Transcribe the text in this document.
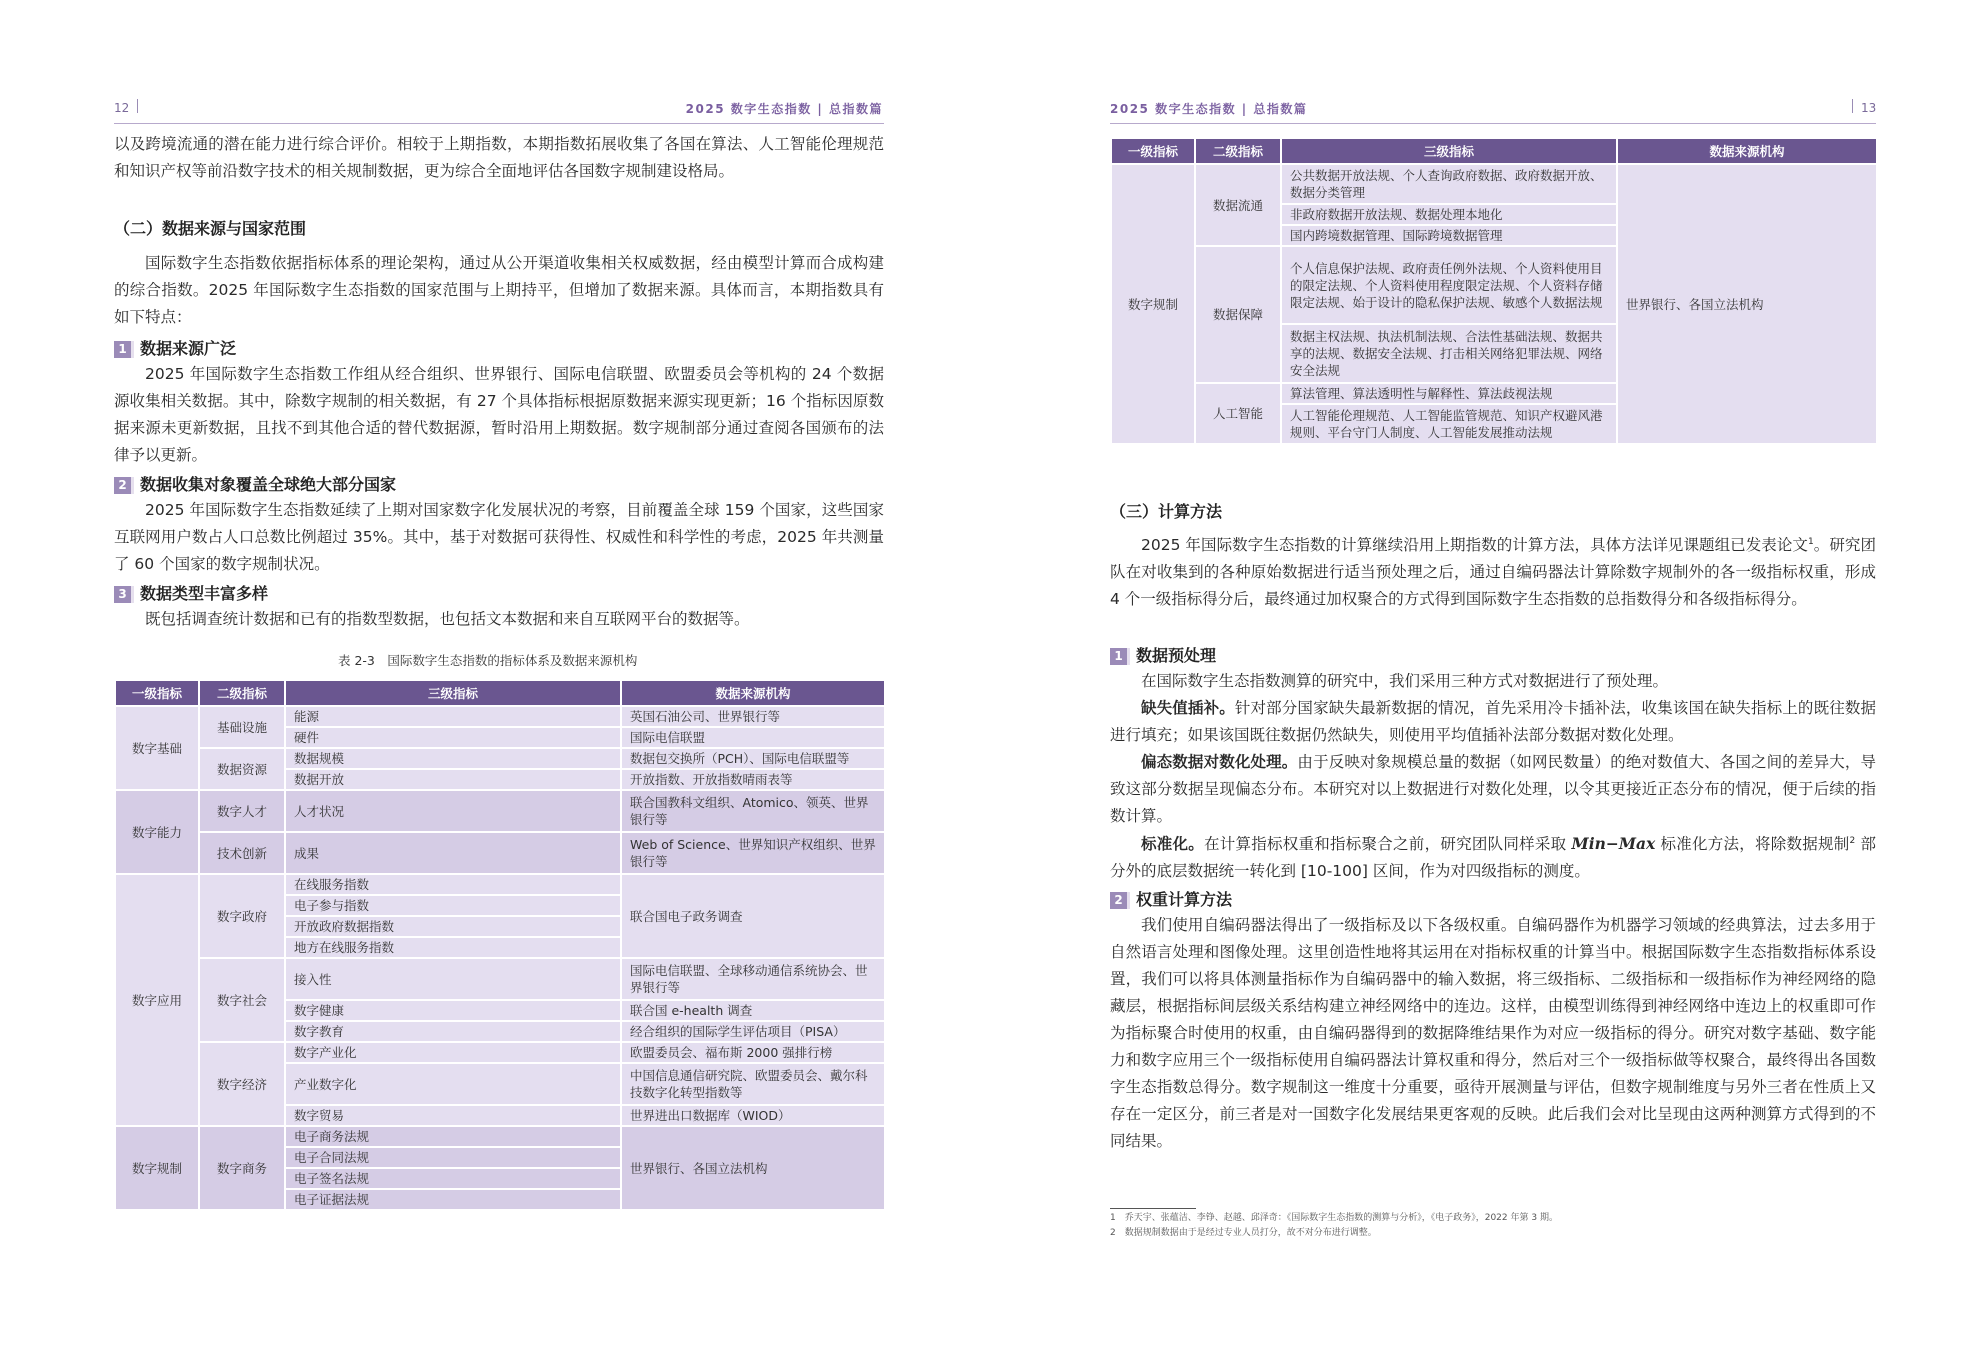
12	2025 数字生态指数 | 总指数篇

以及跨境流通的潜在能力进行综合评价。相较于上期指数，本期指数拓展收集了各国在算法、人工智能伦理规范和知识产权等前沿数字技术的相关规制数据，更为综合全面地评估各国数字规制建设格局。

（二）数据来源与国家范围

国际数字生态指数依据指标体系的理论架构，通过从公开渠道收集相关权威数据，经由模型计算而合成构建的综合指数。2025 年国际数字生态指数的国家范围与上期持平，但增加了数据来源。具体而言，本期指数具有如下特点：

1 数据来源广泛

2025 年国际数字生态指数工作组从经合组织、世界银行、国际电信联盟、欧盟委员会等机构的 24 个数据源收集相关数据。其中，除数字规制的相关数据，有 27 个具体指标根据原数据来源实现更新；16 个指标因原数据来源未更新数据，且找不到其他合适的替代数据源，暂时沿用上期数据。数字规制部分通过查阅各国颁布的法律予以更新。

2 数据收集对象覆盖全球绝大部分国家

2025 年国际数字生态指数延续了上期对国家数字化发展状况的考察，目前覆盖全球 159 个国家，这些国家互联网用户数占人口总数比例超过 35%。其中，基于对数据可获得性、权威性和科学性的考虑，2025 年共测量了 60 个国家的数字规制状况。

3 数据类型丰富多样

既包括调查统计数据和已有的指数型数据，也包括文本数据和来自互联网平台的数据等。

表 2-3　国际数字生态指数的指标体系及数据来源机构
一级指标	二级指标	三级指标	数据来源机构
数字基础	基础设施	能源	英国石油公司、世界银行等
		硬件	国际电信联盟
	数据资源	数据规模	数据包交换所（PCH）、国际电信联盟等
		数据开放	开放指数、开放指数晴雨表等
数字能力	数字人才	人才状况	联合国教科文组织、Atomico、领英、世界银行等
	技术创新	成果	Web of Science、世界知识产权组织、世界银行等
数字应用	数字政府	在线服务指数	联合国电子政务调查
		电子参与指数	
		开放政府数据指数	
		地方在线服务指数	
	数字社会	接入性	国际电信联盟、全球移动通信系统协会、世界银行等
		数字健康	联合国 e-health 调查
		数字教育	经合组织的国际学生评估项目（PISA）
	数字经济	数字产业化	欧盟委员会、福布斯 2000 强排行榜
		产业数字化	中国信息通信研究院、欧盟委员会、戴尔科技数字化转型指数等
		数字贸易	世界进出口数据库（WIOD）
数字规制	数字商务	电子商务法规	世界银行、各国立法机构
		电子合同法规	
		电子签名法规	
		电子证据法规	
2025 数字生态指数 | 总指数篇	13
一级指标	二级指标	三级指标	数据来源机构
数字规制	数据流通	公共数据开放法规、个人查询政府数据、政府数据开放、数据分类管理	世界银行、各国立法机构
		非政府数据开放法规、数据处理本地化	
		国内跨境数据管理、国际跨境数据管理	
	数据保障	个人信息保护法规、政府责任例外法规、个人资料使用目的限定法规、个人资料使用程度限定法规、个人资料存储限定法规、始于设计的隐私保护法规、敏感个人数据法规	
		数据主权法规、执法机制法规、合法性基础法规、数据共享的法规、数据安全法规、打击相关网络犯罪法规、网络安全法规	
	人工智能	算法管理、算法透明性与解释性、算法歧视法规	
		人工智能伦理规范、人工智能监管规范、知识产权避风港规则、平台守门人制度、人工智能发展推动法规	
（三）计算方法

2025 年国际数字生态指数的计算继续沿用上期指数的计算方法，具体方法详见课题组已发表论文$^1$。研究团队在对收集到的各种原始数据进行适当预处理之后，通过自编码器法计算除数字规制外的各一级指标权重，形成 4 个一级指标得分后，最终通过加权聚合的方式得到国际数字生态指数的总指数得分和各级指标得分。

1 数据预处理

在国际数字生态指数测算的研究中，我们采用三种方式对数据进行了预处理。

缺失值插补。针对部分国家缺失最新数据的情况，首先采用冷卡插补法，收集该国在缺失指标上的既往数据进行填充；如果该国既往数据仍然缺失，则使用平均值插补法部分数据对数化处理。

偏态数据对数化处理。由于反映对象规模总量的数据（如网民数量）的绝对数值大、各国之间的差异大，导致这部分数据呈现偏态分布。本研究对以上数据进行对数化处理，以令其更接近正态分布的情况，便于后续的指数计算。

标准化。在计算指标权重和指标聚合之前，研究团队同样采取 Min−Max 标准化方法，将除数据规制$^2$ 部分外的底层数据统一转化到 [10-100] 区间，作为对四级指标的测度。

2 权重计算方法

我们使用自编码器法得出了一级指标及以下各级权重。自编码器作为机器学习领域的经典算法，过去多用于自然语言处理和图像处理。这里创造性地将其运用在对指标权重的计算当中。根据国际数字生态指数指标体系设置，我们可以将具体测量指标作为自编码器中的输入数据，将三级指标、二级指标和一级指标作为神经网络的隐藏层，根据指标间层级关系结构建立神经网络中的连边。这样，由模型训练得到神经网络中连边上的权重即可作为指标聚合时使用的权重，由自编码器得到的数据降维结果作为对应一级指标的得分。研究对数字基础、数字能力和数字应用三个一级指标使用自编码器法计算权重和得分，然后对三个一级指标做等权聚合，最终得出各国数字生态指数总得分。数字规制这一维度十分重要，亟待开展测量与评估，但数字规制维度与另外三者在性质上又存在一定区分，前三者是对一国数字化发展结果更客观的反映。此后我们会对比呈现由这两种测算方式得到的不同结果。

1　乔天宇、张蕴洁、李铮、赵越、邱泽奇：《国际数字生态指数的测算与分析》，《电子政务》，2022 年第 3 期。
2　数据规制数据由于是经过专业人员打分，故不对分布进行调整。
